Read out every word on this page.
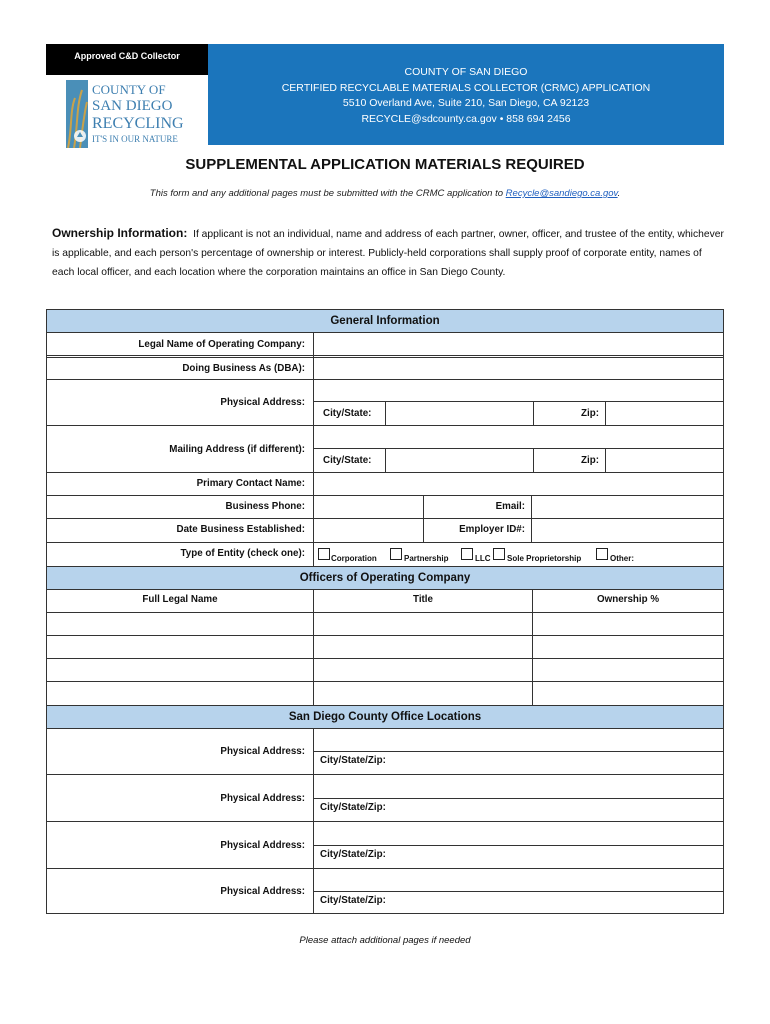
Approved C&D Collector
COUNTY OF
SAN DIEGO
RECYCLING
IT'S IN OUR NATURE
COUNTY OF SAN DIEGO
CERTIFIED RECYCLABLE MATERIALS COLLECTOR (CRMC) APPLICATION
5510 Overland Ave, Suite 210, San Diego, CA 92123
RECYCLE@sdcounty.ca.gov • 858 694 2456
SUPPLEMENTAL APPLICATION MATERIALS REQUIRED
This form and any additional pages must be submitted with the CRMC application to Recycle@sandiego.ca.gov.
Ownership Information: If applicant is not an individual, name and address of each partner, owner, officer, and trustee of the entity, whichever is applicable, and each person's percentage of ownership or interest. Publicly-held corporations shall supply proof of corporate entity, names of each local officer, and each location where the corporation maintains an office in San Diego County.
General Information
Legal Name of Operating Company:
Doing Business As (DBA):
Physical Address:
City/State:	Zip:
Mailing Address (if different):
City/State:	Zip:
Primary Contact Name:
Business Phone:	Email:
Date Business Established:	Employer ID#:
Type of Entity (check one):	Corporation	Partnership	LLC Sole Proprietorship	Other:
Officers of Operating Company
Full Legal Name	Title	Ownership %
San Diego County Office Locations
Physical Address:
City/State/Zip:
Physical Address:
City/State/Zip:
Physical Address:
City/State/Zip:
Physical Address:
City/State/Zip:
Please attach additional pages if needed
